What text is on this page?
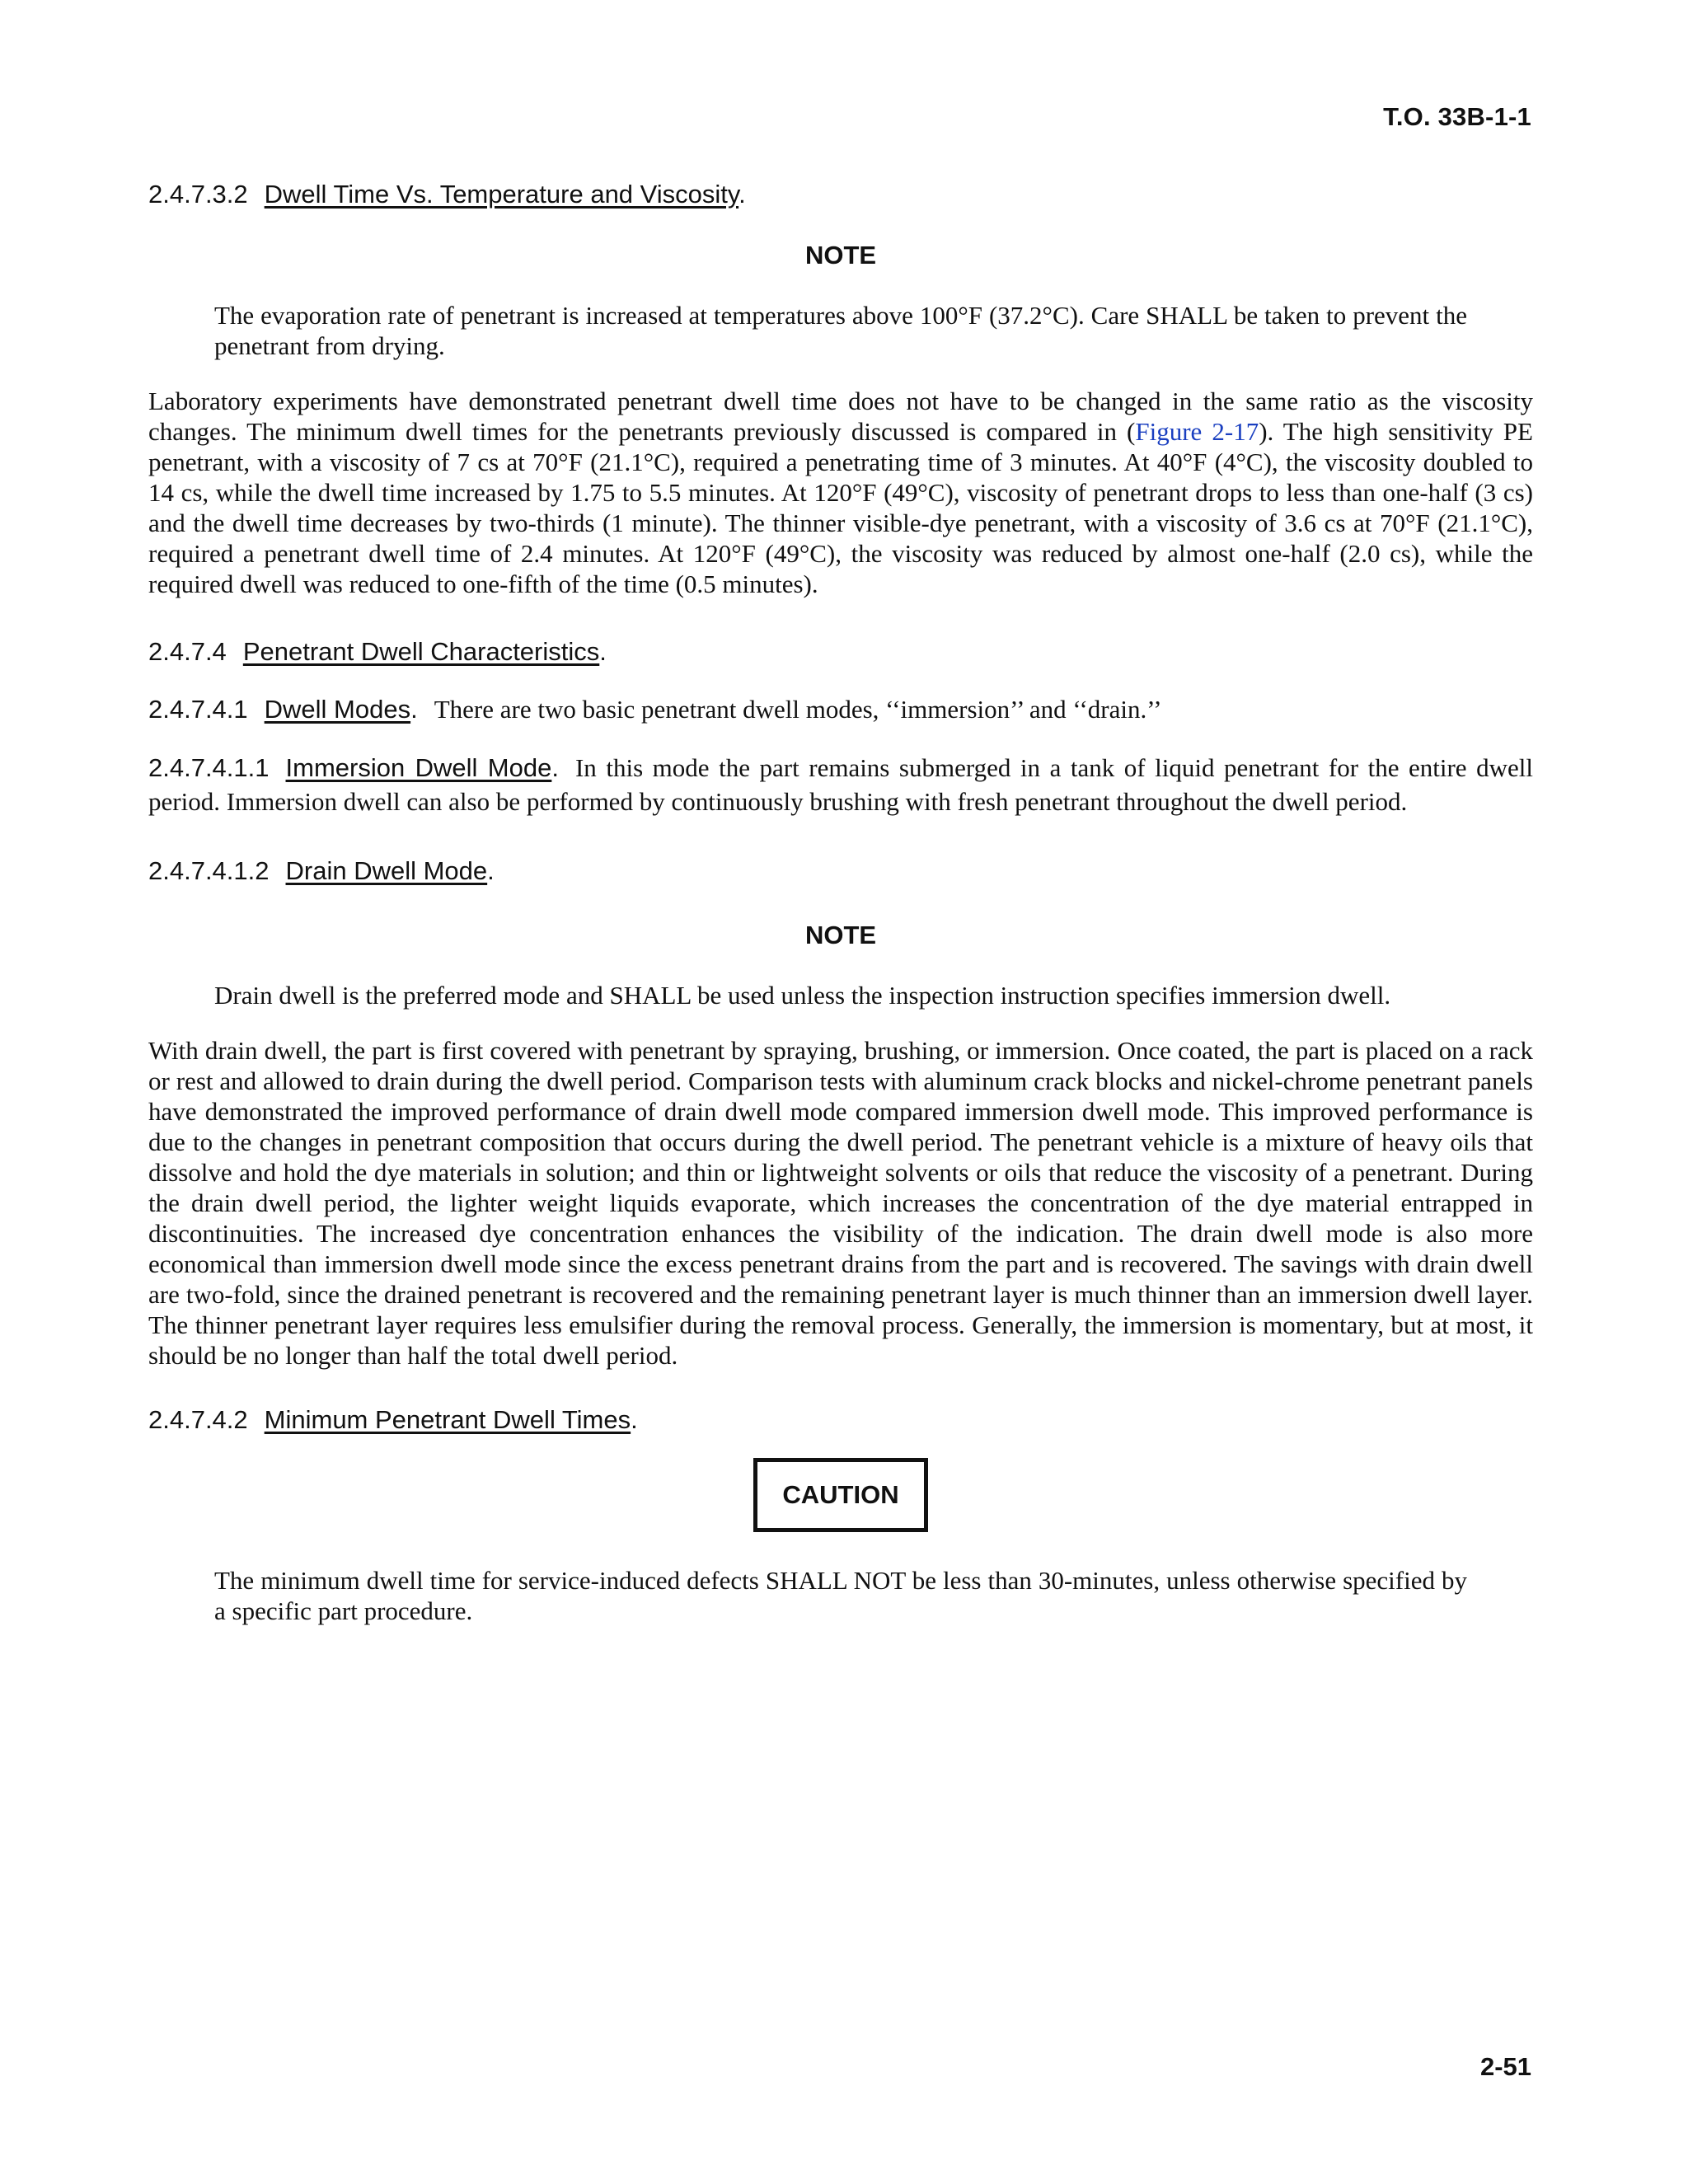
T.O. 33B-1-1

2.4.7.3.2 Dwell Time Vs. Temperature and Viscosity.

NOTE

The evaporation rate of penetrant is increased at temperatures above 100°F (37.2°C). Care SHALL be taken to prevent the penetrant from drying.

Laboratory experiments have demonstrated penetrant dwell time does not have to be changed in the same ratio as the viscosity changes. The minimum dwell times for the penetrants previously discussed is compared in (Figure 2-17). The high sensitivity PE penetrant, with a viscosity of 7 cs at 70°F (21.1°C), required a penetrating time of 3 minutes. At 40°F (4°C), the viscosity doubled to 14 cs, while the dwell time increased by 1.75 to 5.5 minutes. At 120°F (49°C), viscosity of penetrant drops to less than one-half (3 cs) and the dwell time decreases by two-thirds (1 minute). The thinner visible-dye penetrant, with a viscosity of 3.6 cs at 70°F (21.1°C), required a penetrant dwell time of 2.4 minutes. At 120°F (49°C), the viscosity was reduced by almost one-half (2.0 cs), while the required dwell was reduced to one-fifth of the time (0.5 minutes).

2.4.7.4 Penetrant Dwell Characteristics.

2.4.7.4.1 Dwell Modes. There are two basic penetrant dwell modes, ‘‘immersion’’ and ‘‘drain.’’

2.4.7.4.1.1 Immersion Dwell Mode. In this mode the part remains submerged in a tank of liquid penetrant for the entire dwell period. Immersion dwell can also be performed by continuously brushing with fresh penetrant throughout the dwell period.

2.4.7.4.1.2 Drain Dwell Mode.

NOTE

Drain dwell is the preferred mode and SHALL be used unless the inspection instruction specifies immersion dwell.

With drain dwell, the part is first covered with penetrant by spraying, brushing, or immersion. Once coated, the part is placed on a rack or rest and allowed to drain during the dwell period. Comparison tests with aluminum crack blocks and nickel-chrome penetrant panels have demonstrated the improved performance of drain dwell mode compared immersion dwell mode. This improved performance is due to the changes in penetrant composition that occurs during the dwell period. The penetrant vehicle is a mixture of heavy oils that dissolve and hold the dye materials in solution; and thin or lightweight solvents or oils that reduce the viscosity of a penetrant. During the drain dwell period, the lighter weight liquids evaporate, which increases the concentration of the dye material entrapped in discontinuities. The increased dye concentration enhances the visibility of the indication. The drain dwell mode is also more economical than immersion dwell mode since the excess penetrant drains from the part and is recovered. The savings with drain dwell are two-fold, since the drained penetrant is recovered and the remaining penetrant layer is much thinner than an immersion dwell layer. The thinner penetrant layer requires less emulsifier during the removal process. Generally, the immersion is momentary, but at most, it should be no longer than half the total dwell period.

2.4.7.4.2 Minimum Penetrant Dwell Times.

CAUTION

The minimum dwell time for service-induced defects SHALL NOT be less than 30-minutes, unless otherwise specified by a specific part procedure.

2-51
